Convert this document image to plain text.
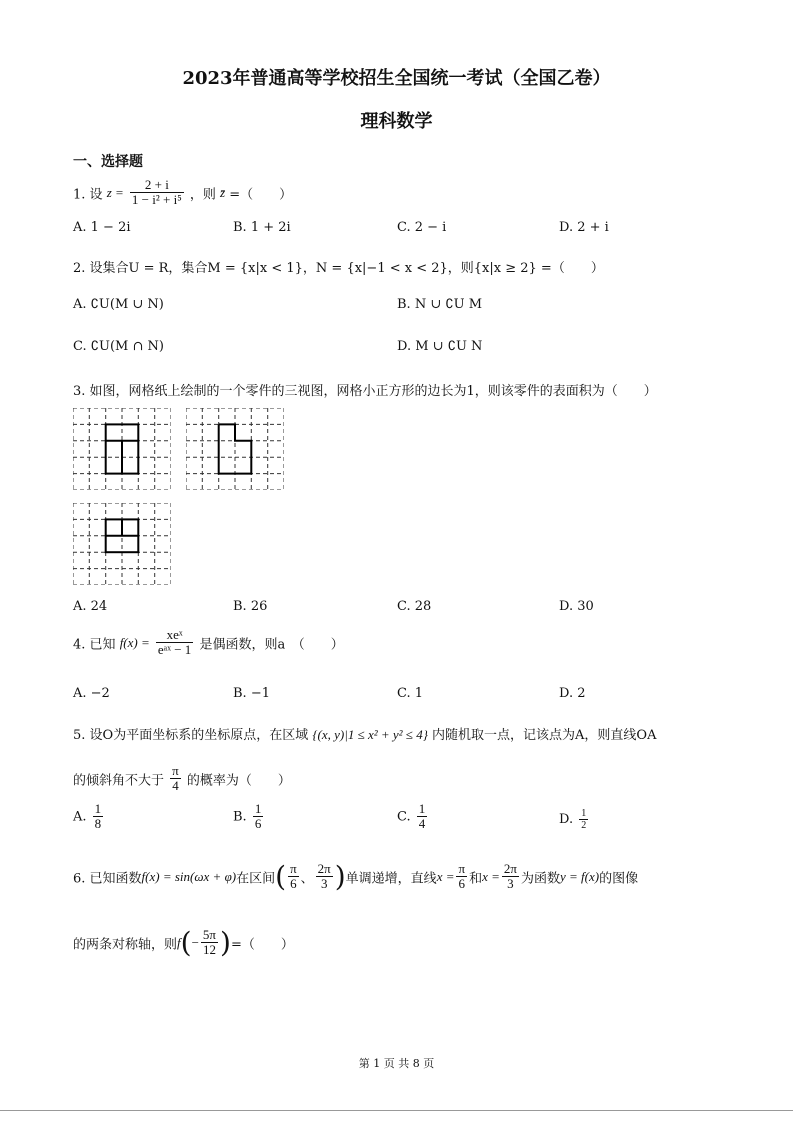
2023年普通高等学校招生全国统一考试（全国乙卷）
理科数学
一、选择题
1. 设 $z = \frac{2 + i}{\text{1 − i² + i⁵}}$ ，则 z̄ =（　　）
A. 1 − 2i	B. 1 + 2i	C. 2 − i	D. 2 + i
2. 设集合U = R，集合M = {x|x < 1}，N = {x|−1 < x < 2}，则{x|x ≥ 2} =（　　）
A. ∁U(M ∪ N)	B. N ∪ ∁U M
C. ∁U(M ∩ N)	D. M ∪ ∁U N
3. 如图，网格纸上绘制的一个零件的三视图，网格小正方形的边长为1，则该零件的表面积为（　　）
A. 24	B. 26	C. 28	D. 30
4. 已知 $f(x) = \frac{\text{xeˣ}}{\text{eᵃˣ − 1}}$ 是偶函数，则a　（　　）
A. −2	B. −1	C. 1	D. 2
5. 设O为平面坐标系的坐标原点，在区域 {(x, y)|1 ≤ x² + y² ≤ 4} 内随机取一点，记该点为A，则直线OA
的倾斜角不大于 $\frac{\pi}{4}$ 的概率为（　　）
A. $\frac{1}{8}$	B. $\frac{1}{6}$	C. $\frac{1}{4}$	D. $\frac{1}{2}$
6. 已知函数f(x) = sin(ωx + φ)在区间( $\frac{\pi}{6}$ 、 $\frac{2\pi}{3}$ )单调递增，直线$x = \frac{\pi}{6}$ 和$x = \frac{2\pi}{3}$ 为函数y = f(x)的图像
的两条对称轴，则$f(- \frac{5\pi}{12}$ )=（　　）
第 1 页 共 8 页
